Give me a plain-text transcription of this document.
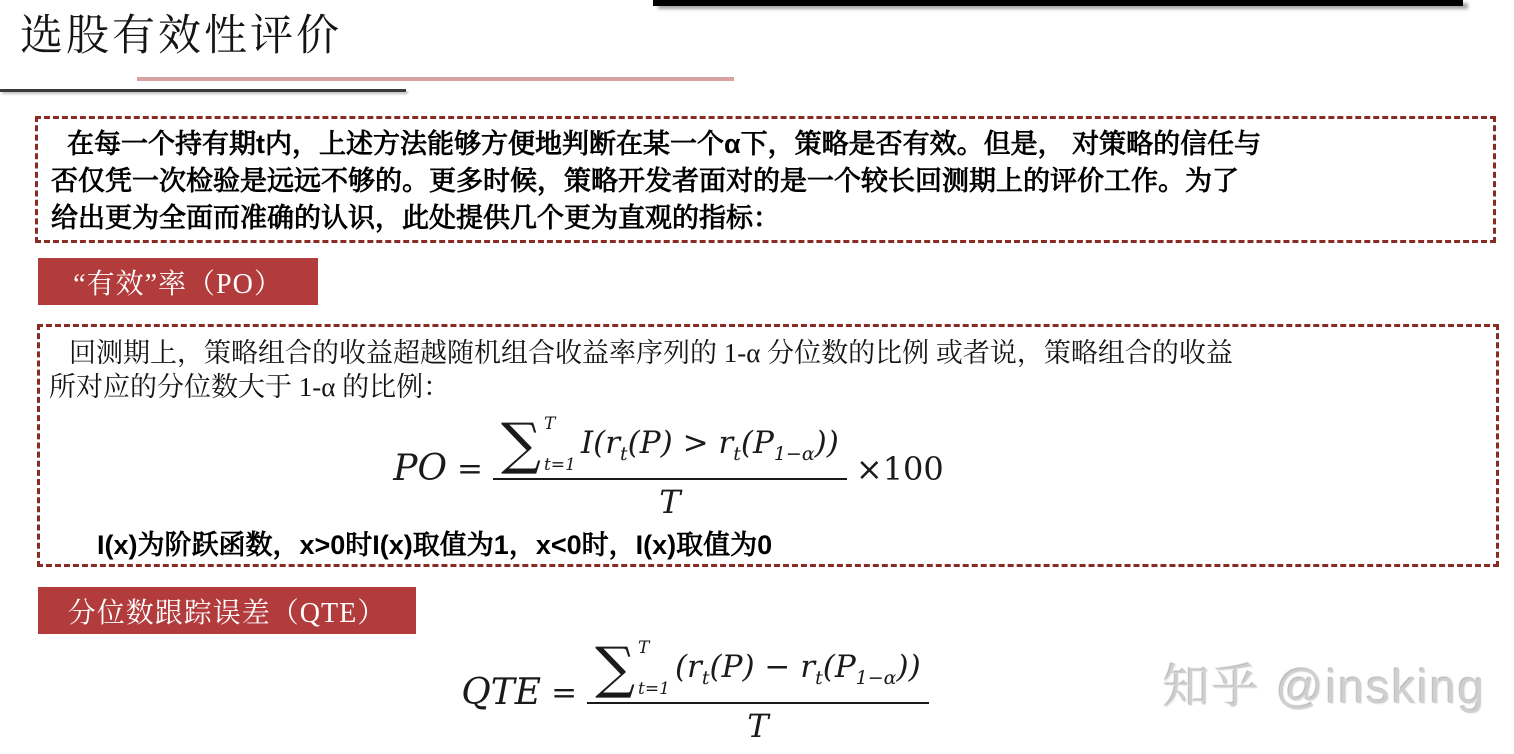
选股有效性评价
在每一个持有期t内，上述方法能够方便地判断在某一个α下，策略是否有效。但是， 对策略的信任与
否仅凭一次检验是远远不够的。更多时候，策略开发者面对的是一个较长回测期上的评价工作。为了
给出更为全面而准确的认识，此处提供几个更为直观的指标：
“有效”率（PO）
回测期上，策略组合的收益超越随机组合收益率序列的 1-α 分位数的比例 或者说，策略组合的收益
所对应的分位数大于 1-α 的比例：
PO = ∑ T
t=1
$I(r_t(P) > r_t(P_{1-\alpha}))$
T ×100
I(x)为阶跃函数，x>0时I(x)取值为1，x<0时，I(x)取值为0
分位数跟踪误差（QTE）
QTE = ∑ T
t=1
$(r_t(P) - r_t(P_{1-\alpha}))$
T	知乎 @insking
